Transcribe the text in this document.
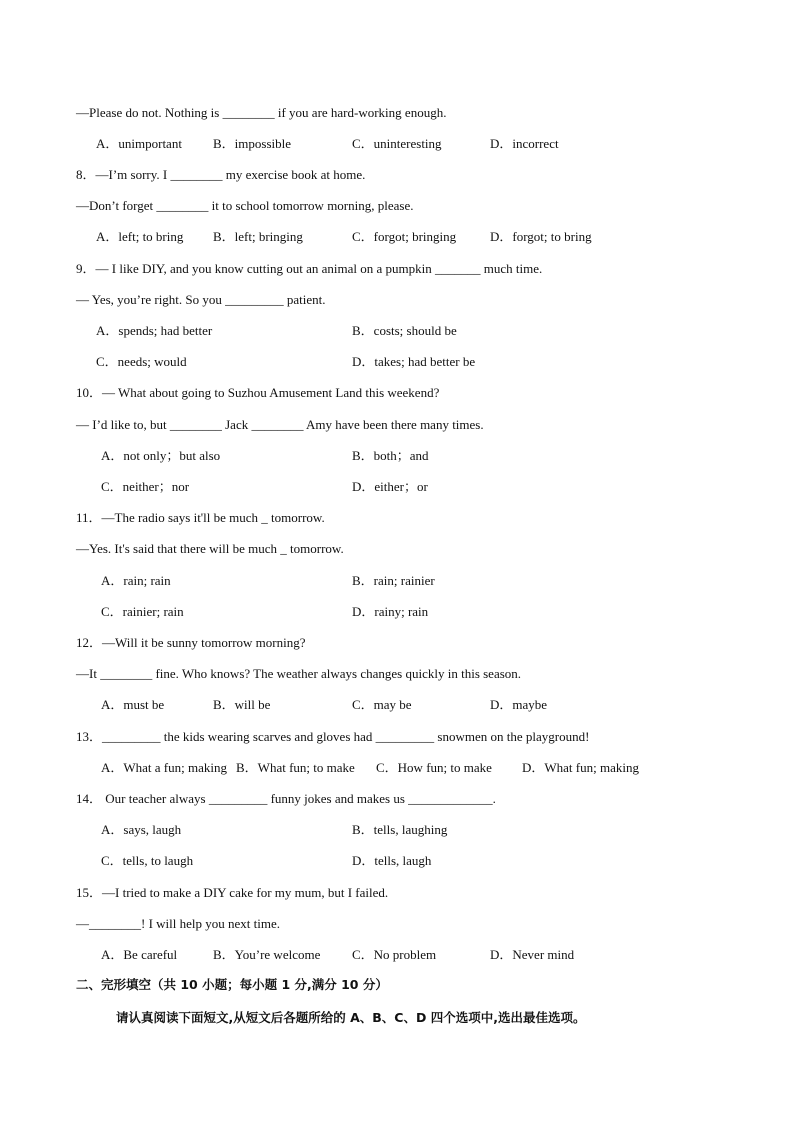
—Please do not. Nothing is ________ if you are hard-working enough.
A．unimportant B．impossible	C．uninteresting	D．incorrect
8．—I’m sorry. I ________ my exercise book at home.
—Don’t forget ________ it to school tomorrow morning, please.
A．left; to bring B．left; bringing	C．forgot; bringing	D．forgot; to bring
9．— I like DIY, and you know cutting out an animal on a pumpkin _______ much time.
— Yes, you’re right. So you _________ patient.
A．spends; had better	B．costs; should be
C．needs; would	D．takes; had better be
10．— What about going to Suzhou Amusement Land this weekend?
— I’d like to, but ________ Jack ________ Amy have been there many times.
A．not only；but also	B．both；and
C．neither；nor	D．either；or
11．—The radio says it'll be much _ tomorrow.
—Yes. It's said that there will be much _ tomorrow.
A．rain; rain	B．rain; rainier
C．rainier; rain	D．rainy; rain
12．—Will it be sunny tomorrow morning?
—It ________ fine. Who knows? The weather always changes quickly in this season.
A．must be	B．will be	C．may be	D．maybe
13．_________ the kids wearing scarves and gloves had _________ snowmen on the playground!
A．What a fun; making B．What fun; to make C．How fun; to make D．What fun; making
14． Our teacher always _________ funny jokes and makes us _____________.
A．says, laugh	B．tells, laughing
C．tells, to laugh	D．tells, laugh
15．—I tried to make a DIY cake for my mum, but I failed.
—________! I will help you next time.
A．Be careful	B．You’re welcome C．No problem	D．Never mind
二、完形填空（共 10 小题；每小题 1 分,满分 10 分）
请认真阅读下面短文,从短文后各题所给的 A、B、C、D 四个选项中,选出最佳选项。
